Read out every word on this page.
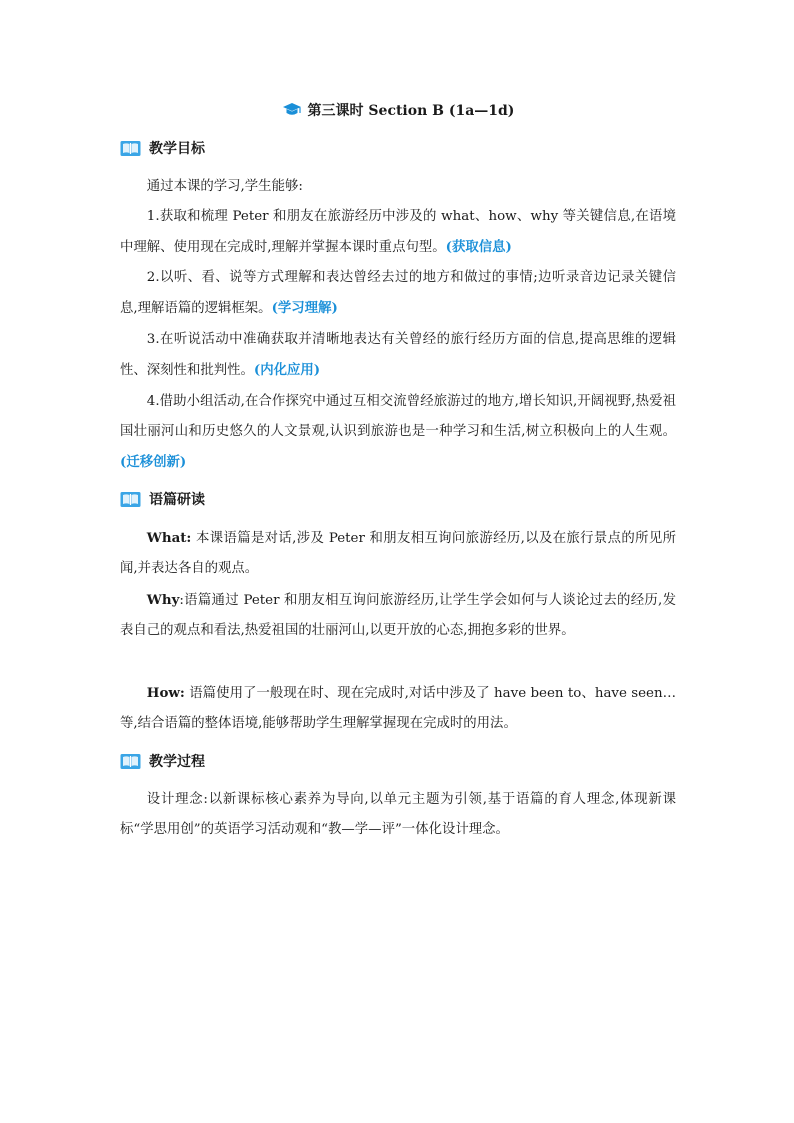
第三课时 Section B (1a—1d)
教学目标
通过本课的学习,学生能够:
1.获取和梳理 Peter 和朋友在旅游经历中涉及的 what、how、why 等关键信息,在语境中理解、使用现在完成时,理解并掌握本课时重点句型。(获取信息)
2.以听、看、说等方式理解和表达曾经去过的地方和做过的事情;边听录音边记录关键信息,理解语篇的逻辑框架。(学习理解)
3.在听说活动中准确获取并清晰地表达有关曾经的旅行经历方面的信息,提高思维的逻辑性、深刻性和批判性。(内化应用)
4.借助小组活动,在合作探究中通过互相交流曾经旅游过的地方,增长知识,开阔视野,热爱祖国壮丽河山和历史悠久的人文景观,认识到旅游也是一种学习和生活,树立积极向上的人生观。(迁移创新)
语篇研读
What: 本课语篇是对话,涉及 Peter 和朋友相互询问旅游经历,以及在旅行景点的所见所闻,并表达各自的观点。
Why:语篇通过 Peter 和朋友相互询问旅游经历,让学生学会如何与人谈论过去的经历,发表自己的观点和看法,热爱祖国的壮丽河山,以更开放的心态,拥抱多彩的世界。
How: 语篇使用了一般现在时、现在完成时,对话中涉及了 have been to、have seen…等,结合语篇的整体语境,能够帮助学生理解掌握现在完成时的用法。
教学过程
设计理念:以新课标核心素养为导向,以单元主题为引领,基于语篇的育人理念,体现新课标“学思用创”的英语学习活动观和“教—学—评”一体化设计理念。
